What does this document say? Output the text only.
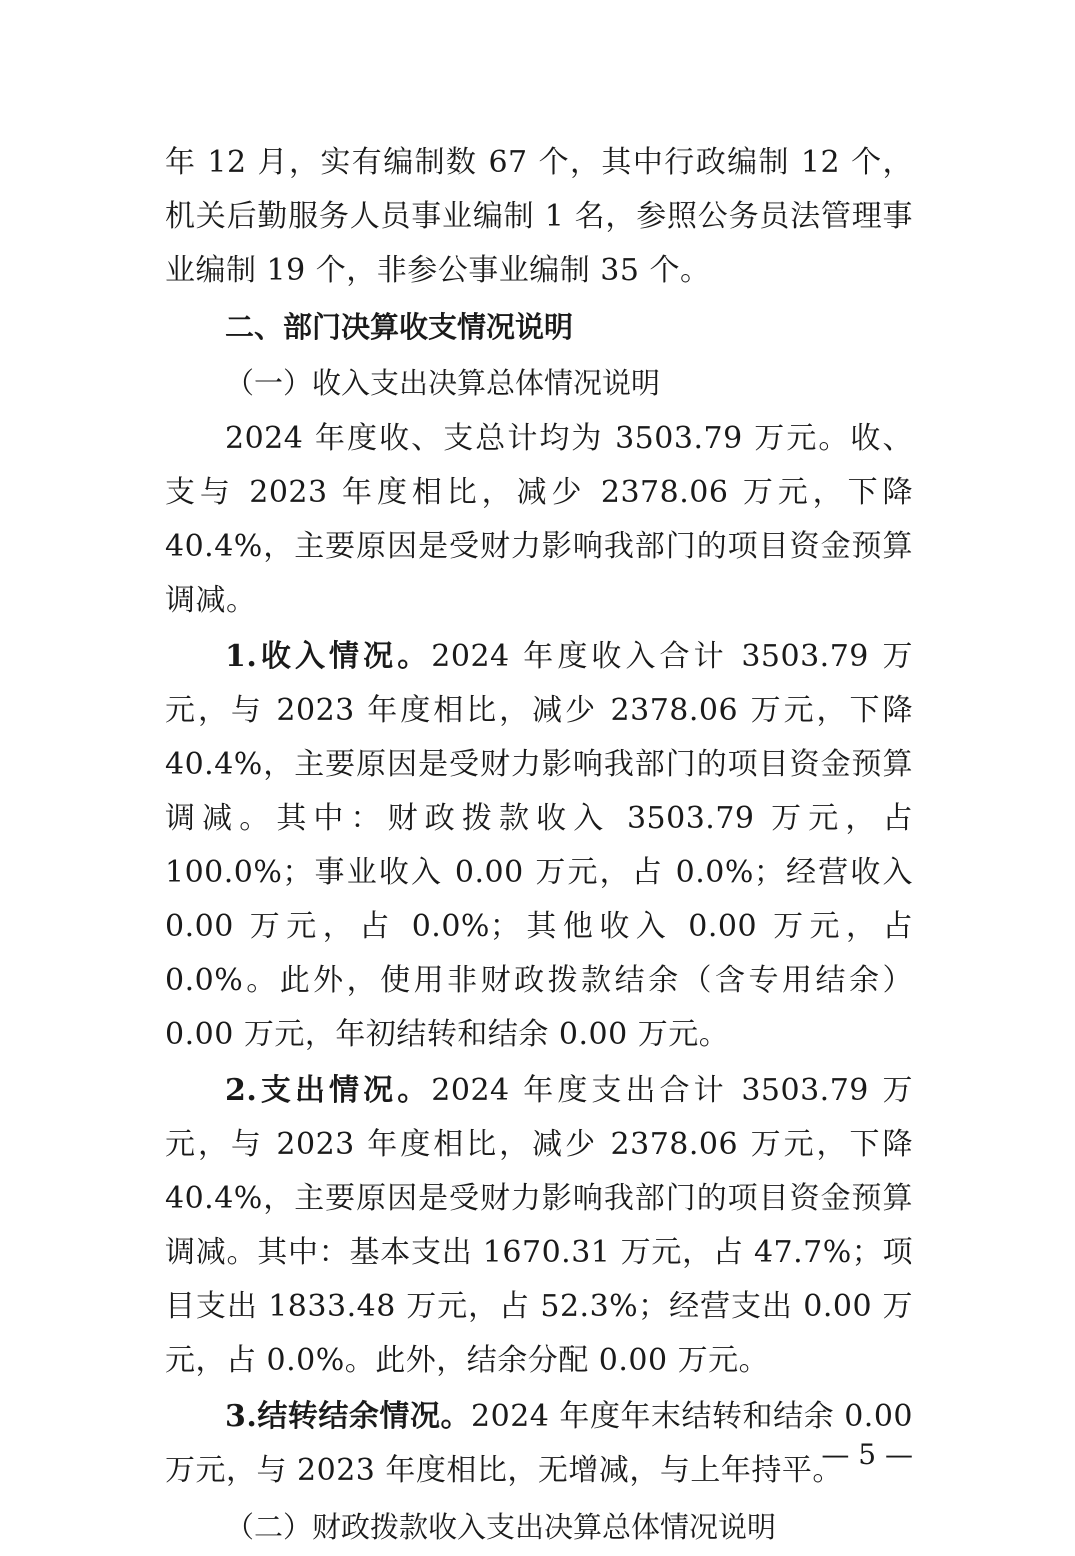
年 12 月，实有编制数 67 个，其中行政编制 12 个，机关后勤服务人员事业编制 1 名，参照公务员法管理事业编制 19 个，非参公事业编制 35 个。

二、部门决算收支情况说明

（一）收入支出决算总体情况说明

2024 年度收、支总计均为 3503.79 万元。收、支与 2023 年度相比，减少 2378.06 万元，下降 40.4%，主要原因是受财力影响我部门的项目资金预算调减。

1.收入情况。2024 年度收入合计 3503.79 万元，与 2023 年度相比，减少 2378.06 万元，下降 40.4%，主要原因是受财力影响我部门的项目资金预算调减。其中：财政拨款收入 3503.79 万元，占 100.0%；事业收入 0.00 万元，占 0.0%；经营收入 0.00 万元，占 0.0%；其他收入 0.00 万元，占 0.0%。此外，使用非财政拨款结余（含专用结余）0.00 万元，年初结转和结余 0.00 万元。

2.支出情况。2024 年度支出合计 3503.79 万元，与 2023 年度相比，减少 2378.06 万元，下降 40.4%，主要原因是受财力影响我部门的项目资金预算调减。其中：基本支出 1670.31 万元，占 47.7%；项目支出 1833.48 万元，占 52.3%；经营支出 0.00 万元，占 0.0%。此外，结余分配 0.00 万元。

3.结转结余情况。2024 年度年末结转和结余 0.00 万元，与 2023 年度相比，无增减，与上年持平。

（二）财政拨款收入支出决算总体情况说明

— 5 —
